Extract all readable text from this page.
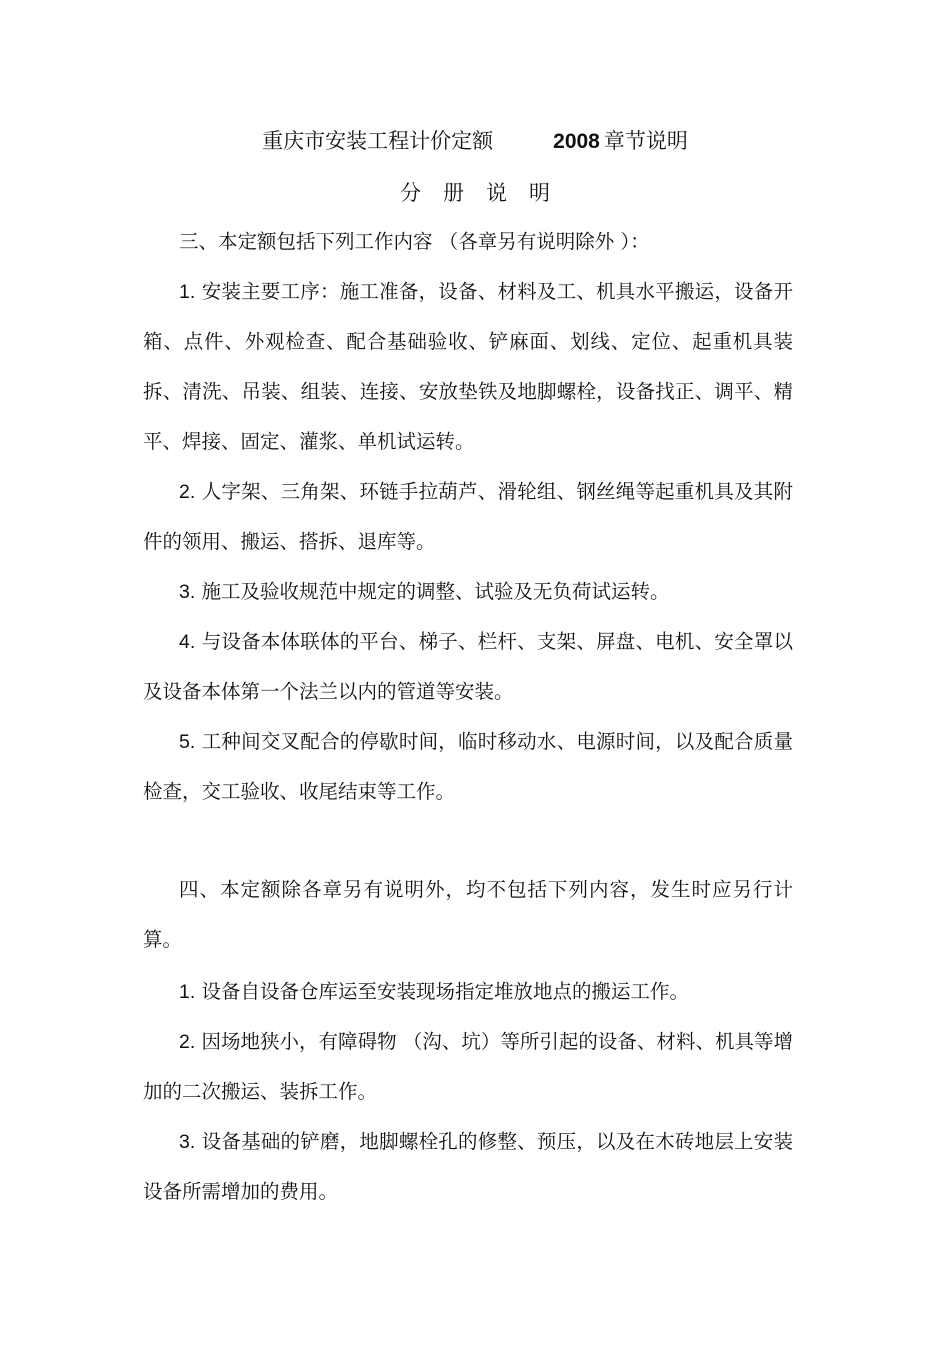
重庆市安装工程计价定额	2008 章节说明
分册说明

三、本定额包括下列工作内容 （各章另有说明除外 ）：

1. 安装主要工序：施工准备，设备、材料及工、机具水平搬运，设备开箱、点件、外观检查、配合基础验收、铲麻面、划线、定位、起重机具装拆、清洗、吊装、组装、连接、安放垫铁及地脚螺栓，设备找正、调平、精平、焊接、固定、灌浆、单机试运转。

2. 人字架、三角架、环链手拉葫芦、滑轮组、钢丝绳等起重机具及其附件的领用、搬运、搭拆、退库等。

3. 施工及验收规范中规定的调整、试验及无负荷试运转。

4. 与设备本体联体的平台、梯子、栏杆、支架、屏盘、电机、安全罩以及设备本体第一个法兰以内的管道等安装。

5. 工种间交叉配合的停歇时间，临时移动水、电源时间，以及配合质量检查，交工验收、收尾结束等工作。

四、本定额除各章另有说明外，均不包括下列内容，发生时应另行计算。

1. 设备自设备仓库运至安装现场指定堆放地点的搬运工作。

2. 因场地狭小，有障碍物 （沟、坑）等所引起的设备、材料、机具等增加的二次搬运、装拆工作。

3. 设备基础的铲磨，地脚螺栓孔的修整、预压，以及在木砖地层上安装设备所需增加的费用。
